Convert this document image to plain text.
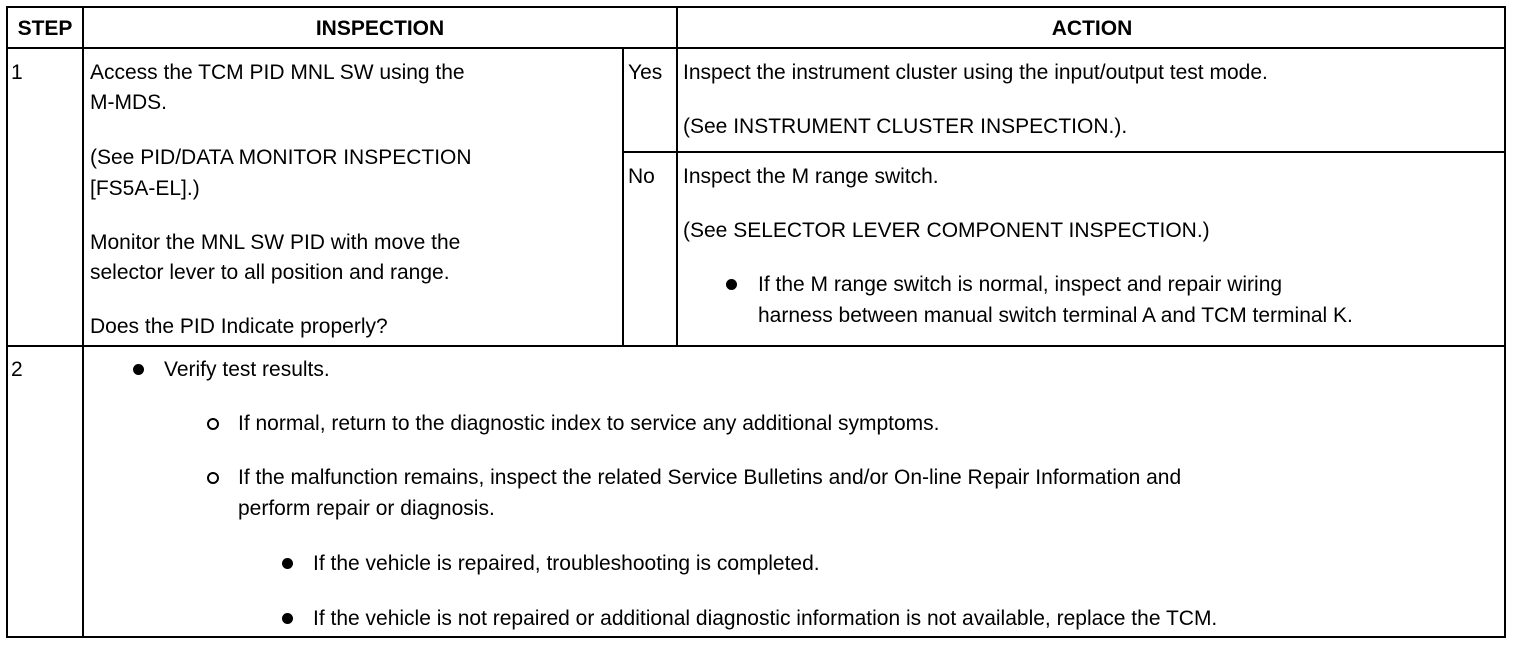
STEP	INSPECTION	ACTION
1	Access the TCM PID MNL SW using the
M-MDS.
(See PID/DATA MONITOR INSPECTION
[FS5A-EL].)
Monitor the MNL SW PID with move the
selector lever to all position and range.
Does the PID Indicate properly?
Yes Inspect the instrument cluster using the input/output test mode.
(See INSTRUMENT CLUSTER INSPECTION.).
No Inspect the M range switch.
(See SELECTOR LEVER COMPONENT INSPECTION.)
If the M range switch is normal, inspect and repair wiring
harness between manual switch terminal A and TCM terminal K.
2	Verify test results.
If normal, return to the diagnostic index to service any additional symptoms.
If the malfunction remains, inspect the related Service Bulletins and/or On-line Repair Information and
perform repair or diagnosis.
If the vehicle is repaired, troubleshooting is completed.
If the vehicle is not repaired or additional diagnostic information is not available, replace the TCM.
